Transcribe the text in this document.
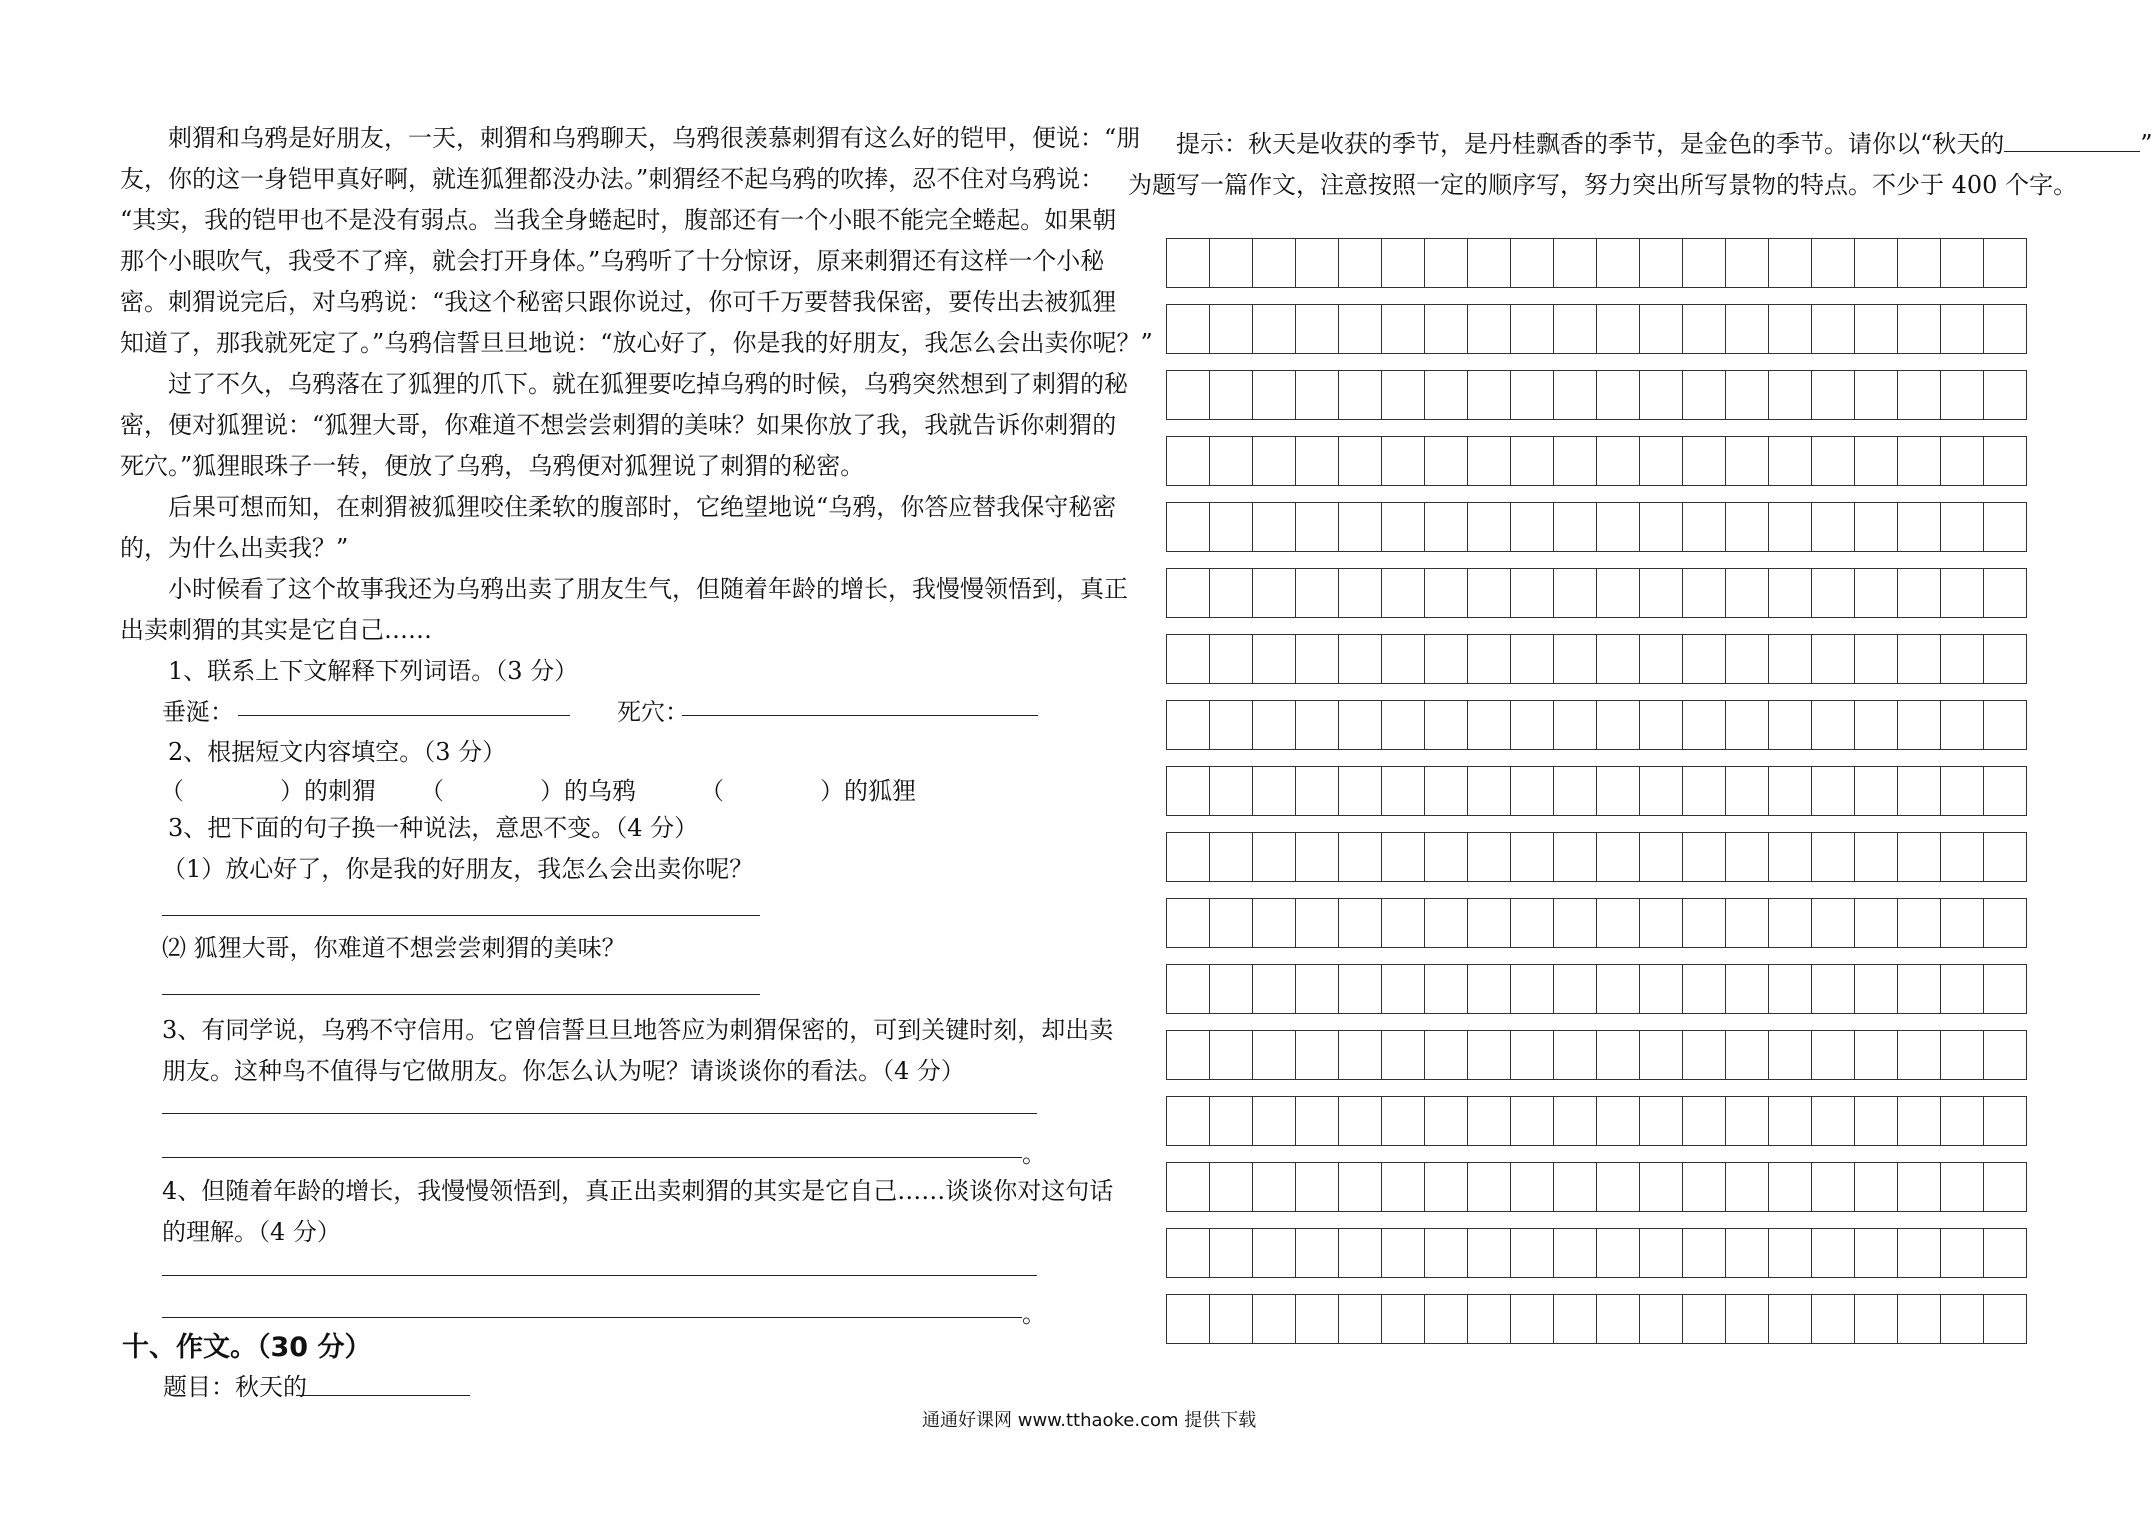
刺猬和乌鸦是好朋友，一天，刺猬和乌鸦聊天，乌鸦很羡慕刺猬有这么好的铠甲，便说：“朋
友，你的这一身铠甲真好啊，就连狐狸都没办法。”刺猬经不起乌鸦的吹捧，忍不住对乌鸦说：
“其实，我的铠甲也不是没有弱点。当我全身蜷起时，腹部还有一个小眼不能完全蜷起。如果朝
那个小眼吹气，我受不了痒，就会打开身体。”乌鸦听了十分惊讶，原来刺猬还有这样一个小秘
密。刺猬说完后，对乌鸦说：“我这个秘密只跟你说过，你可千万要替我保密，要传出去被狐狸
知道了，那我就死定了。”乌鸦信誓旦旦地说：“放心好了，你是我的好朋友，我怎么会出卖你呢？”
过了不久，乌鸦落在了狐狸的爪下。就在狐狸要吃掉乌鸦的时候，乌鸦突然想到了刺猬的秘
密，便对狐狸说：“狐狸大哥，你难道不想尝尝刺猬的美味？如果你放了我，我就告诉你刺猬的
死穴。”狐狸眼珠子一转，便放了乌鸦，乌鸦便对狐狸说了刺猬的秘密。
后果可想而知，在刺猬被狐狸咬住柔软的腹部时，它绝望地说“乌鸦，你答应替我保守秘密
的，为什么出卖我？”
小时候看了这个故事我还为乌鸦出卖了朋友生气，但随着年龄的增长，我慢慢领悟到，真正
出卖刺猬的其实是它自己……
1、联系上下文解释下列词语。（3 分）
垂涎：	死穴：
2、根据短文内容填空。（3 分）
（　　　　）的刺猬 （　　　　）的乌鸦	（　　　　）的狐狸
3、把下面的句子换一种说法，意思不变。（4 分）
（1）放心好了，你是我的好朋友，我怎么会出卖你呢？
⑵ 狐狸大哥，你难道不想尝尝刺猬的美味？
3、有同学说，乌鸦不守信用。它曾信誓旦旦地答应为刺猬保密的，可到关键时刻，却出卖
朋友。这种鸟不值得与它做朋友。你怎么认为呢？请谈谈你的看法。（4 分）
。
4、但随着年龄的增长，我慢慢领悟到，真正出卖刺猬的其实是它自己……谈谈你对这句话
的理解。（4 分）
。
十、作文。（30 分）
题目：秋天的
提示：秋天是收获的季节，是丹桂飘香的季节，是金色的季节。请你以“秋天的	”
为题写一篇作文，注意按照一定的顺序写，努力突出所写景物的特点。不少于 400 个字。
通通好课网 www.tthaoke.com 提供下载
